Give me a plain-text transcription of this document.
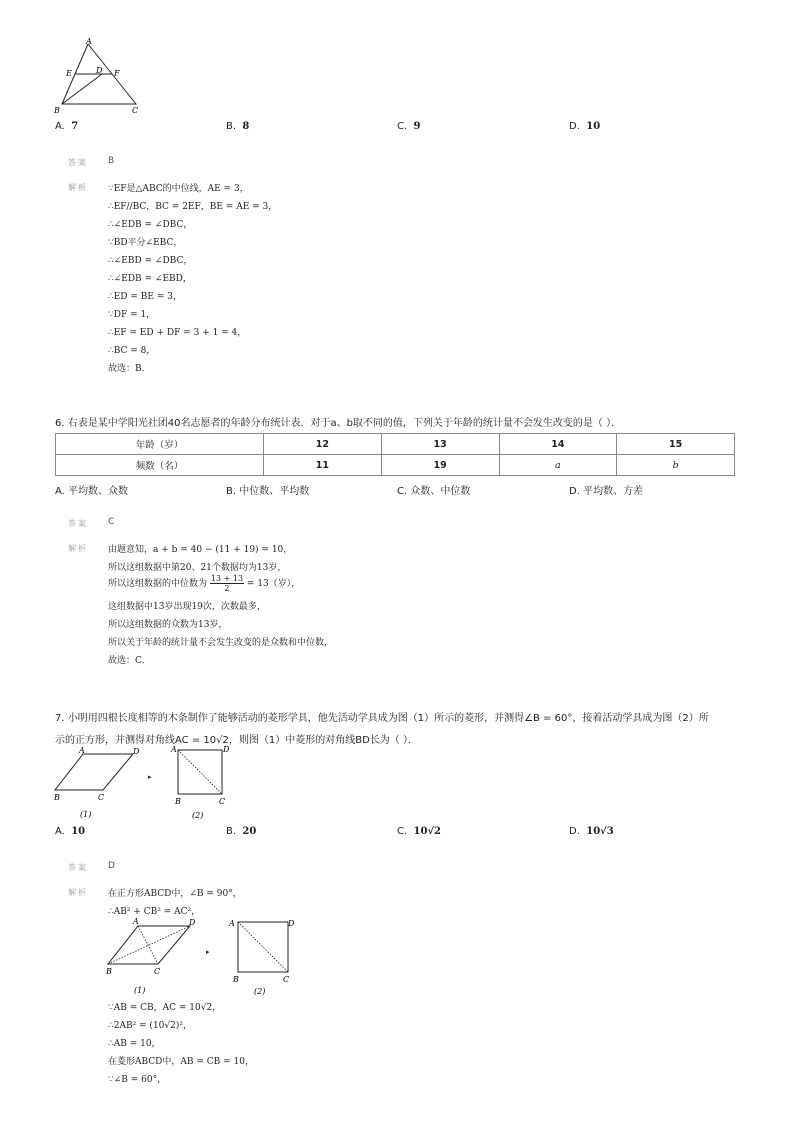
A
E	D F
B	C
A. 7	B. 8	C. 9	D. 10
答案 B
解析 ∵EF是△ABC的中位线，AE = 3，
∴EF//BC，BC = 2EF，BE = AE = 3，
∴∠EDB = ∠DBC，
∵BD平分∠EBC，
∴∠EBD = ∠DBC，
∴∠EDB = ∠EBD，
∴ED = BE = 3，
∵DF = 1，
∴EF = ED + DF = 3 + 1 = 4，
∴BC = 8，
故选：B．
6. 右表是某中学阳光社团40名志愿者的年龄分布统计表．对于a、b取不同的值，下列关于年龄的统计量不会发生改变的是（ ）．
年龄（岁）	12	13	14	15
频数（名）	11	19	a	b
A. 平均数、众数	B. 中位数、平均数	C. 众数、中位数	D. 平均数、方差
答案 C
解析 由题意知，a + b = 40 − (11 + 19) = 10，
所以这组数据中第20、21个数据均为13岁，
所以这组数据的中位数为 $\frac{13 + 13}{2} = 13$（岁），
这组数据中13岁出现19次，次数最多，
所以这组数据的众数为13岁，
所以关于年龄的统计量不会发生改变的是众数和中位数，
故选：C．
7. 小明用四根长度相等的木条制作了能够活动的菱形学具，他先活动学具成为图（1）所示的菱形，并测得∠B = 60°，接着活动学具成为图（2）所
示的正方形，并测得对角线AC = 10√2，则图（1）中菱形的对角线BD长为（ ）．
A	D
B	C
(1)
▸
A	D
B	C
(2)
A. 10	B. 20	C. 10√2	D. 10√3
答案 D
解析 在正方形ABCD中，∠B = 90°，
∴AB² + CB² = AC²，
A	D
B	C
(1)
▸
A	D
B	C
(2)
∵AB = CB，AC = 10√2，
∴2AB² = (10√2)²，
∴AB = 10，
在菱形ABCD中，AB = CB = 10，
∵∠B = 60°，
